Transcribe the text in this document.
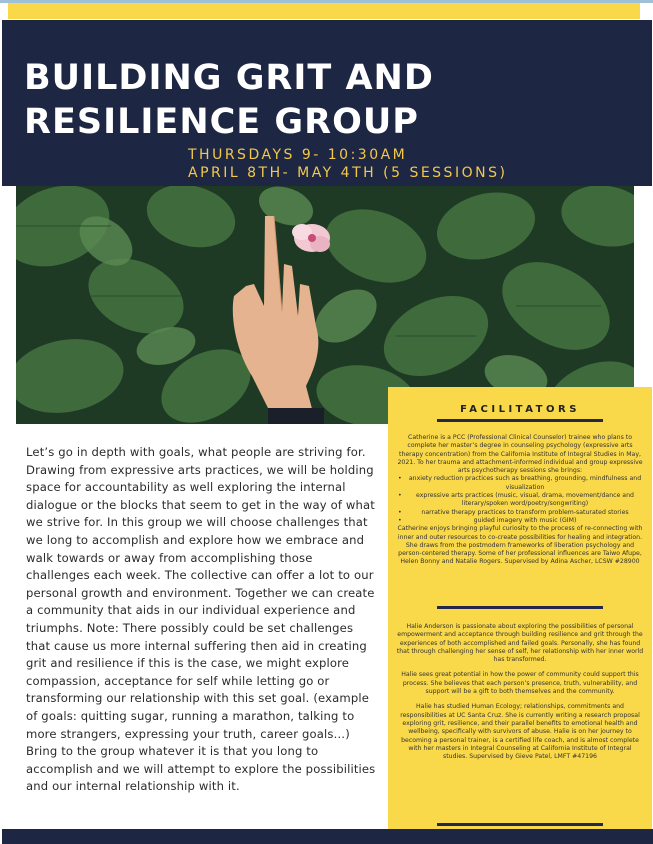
BUILDING GRIT AND RESILIENCE GROUP
THURSDAYS 9- 10:30AM
APRIL 8TH- MAY 4TH (5 SESSIONS)

Let’s go in depth with goals, what people are striving for. Drawing from expressive arts practices, we will be holding space for accountability as well exploring the internal dialogue or the blocks that seem to get in the way of what we strive for. In this group we will choose challenges that we long to accomplish and explore how we embrace and walk towards or away from accomplishing those challenges each week. The collective can offer a lot to our personal growth and environment. Together we can create a community that aids in our individual experience and triumphs. Note: There possibly could be set challenges that cause us more internal suffering then aid in creating grit and resilience if this is the case, we might explore compassion, acceptance for self while letting go or transforming our relationship with this set goal. (example of goals: quitting sugar, running a marathon, talking to more strangers, expressing your truth, career goals…) Bring to the group whatever it is that you long to accomplish and we will attempt to explore the possibilities and our internal relationship with it.

FACILITATORS

Catherine is a PCC (Professional Clinical Counselor) trainee who plans to complete her master’s degree in counseling psychology (expressive arts therapy concentration) from the California Institute of Integral Studies in May, 2021. To her trauma and attachment-informed individual and group expressive arts psychotherapy sessions she brings:

• anxiety reduction practices such as breathing, grounding, mindfulness and visualization
• expressive arts practices (music, visual, drama, movement/dance and literary/spoken word/poetry/songwriting)
• narrative therapy practices to transform problem-saturated stories
• guided imagery with music (GIM)

Catherine enjoys bringing playful curiosity to the process of re-connecting with inner and outer resources to co-create possibilities for healing and integration. She draws from the postmodern frameworks of liberation psychology and person-centered therapy. Some of her professional influences are Taiwo Afupe, Helen Bonny and Natalie Rogers. Supervised by Adina Ascher, LCSW #28900

Halie Anderson is passionate about exploring the possibilities of personal empowerment and acceptance through building resilience and grit through the experiences of both accomplished and failed goals. Personally, she has found that through challenging her sense of self, her relationship with her inner world has transformed.

Halie sees great potential in how the power of community could support this process. She believes that each person’s presence, truth, vulnerability, and support will be a gift to both themselves and the community.

Halie has studied Human Ecology; relationships, commitments and responsibilities at UC Santa Cruz. She is currently writing a research proposal exploring grit, resilience, and their parallel benefits to emotional health and wellbeing, specifically with survivors of abuse. Halie is on her journey to becoming a personal trainer, is a certified life coach, and is almost complete with her masters in Integral Counseling at California Institute of Integral studies. Supervised by Gieve Patel, LMFT #47196
